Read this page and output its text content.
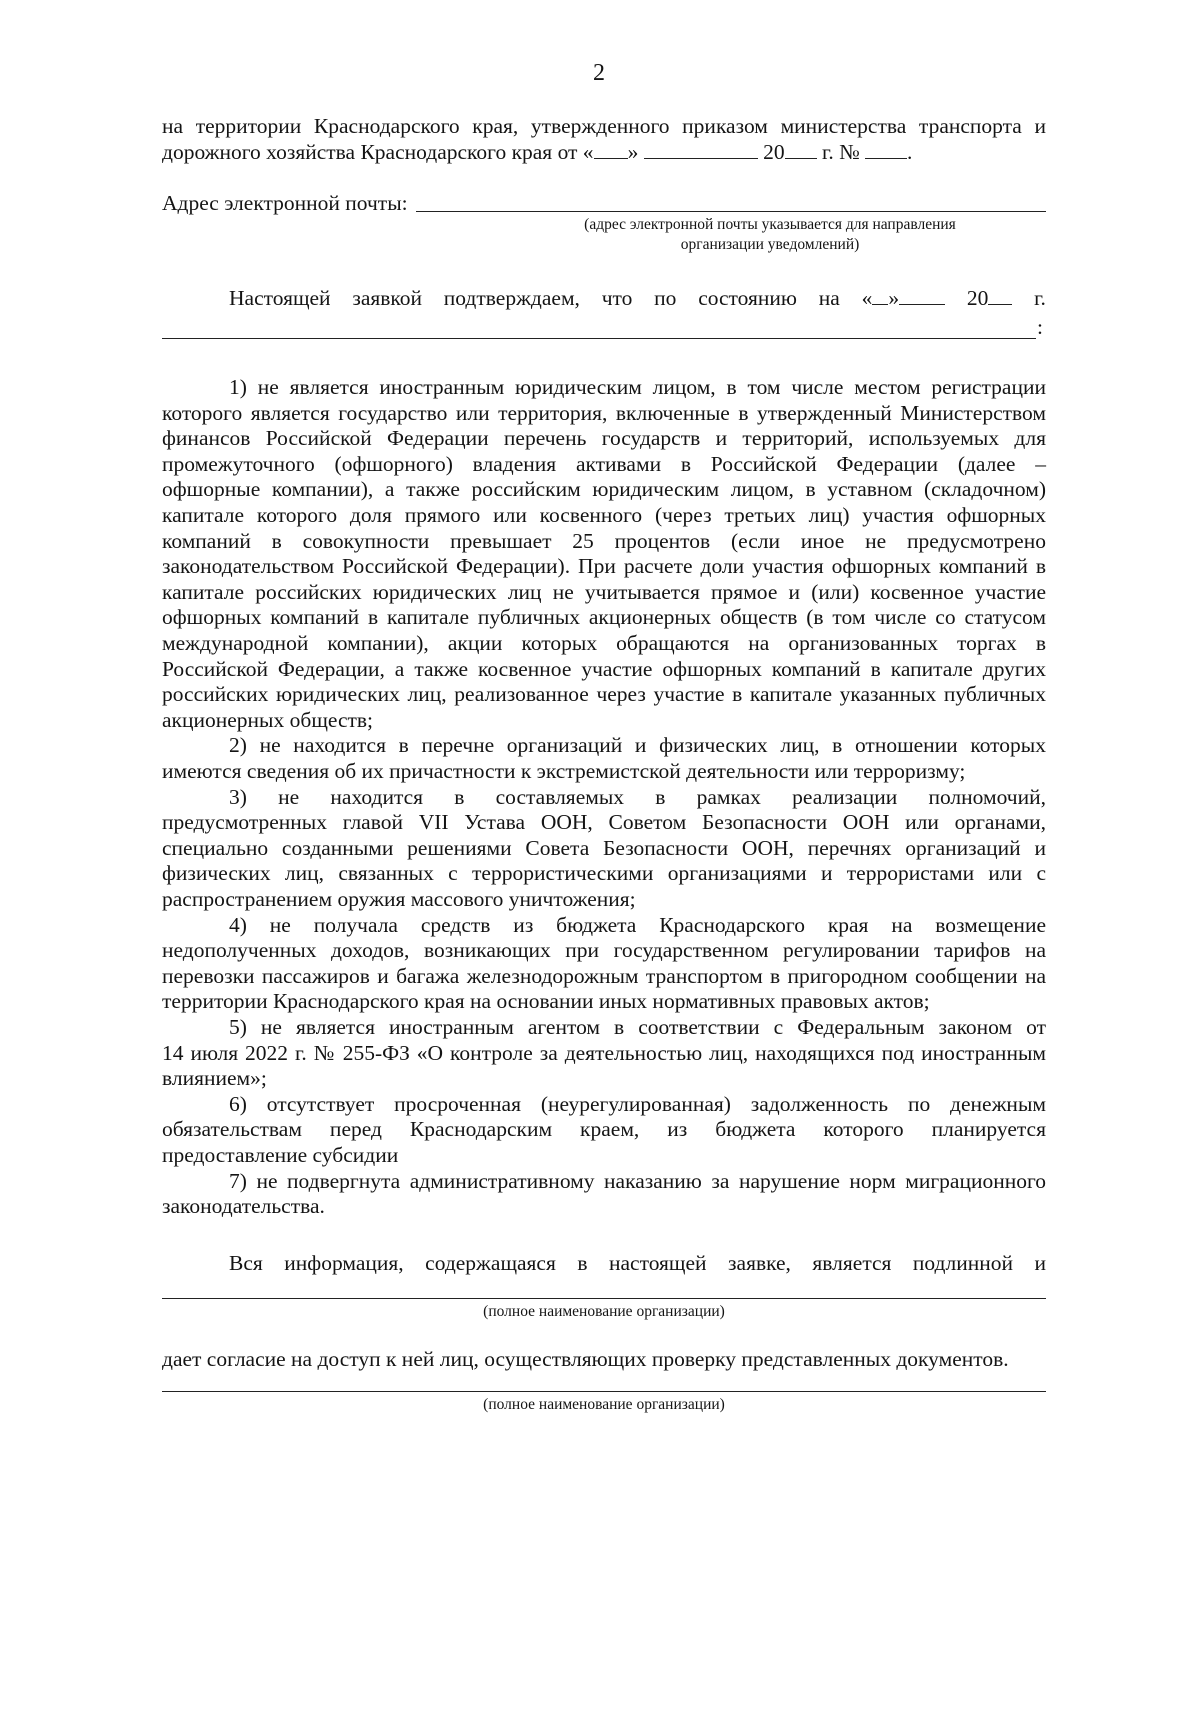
2
на территории Краснодарского края, утвержденного приказом министерства транспорта и
дорожного хозяйства Краснодарского края от « »	20 г. № .
Адрес электронной почты:
(адрес электронной почты указывается для направления
организации уведомлений)
Настоящей заявкой подтверждаем, что по состоянию на « »	20	г.
:
1) не является иностранным юридическим лицом, в том числе местом регистрации
которого является государство или территория, включенные в утвержденный Министерством
финансов Российской Федерации перечень государств и территорий, используемых для
промежуточного (офшорного) владения активами в Российской Федерации (далее –
офшорные компании), а также российским юридическим лицом, в уставном (складочном)
капитале которого доля прямого или косвенного (через третьих лиц) участия офшорных
компаний в совокупности превышает 25 процентов (если иное не предусмотрено
законодательством Российской Федерации). При расчете доли участия офшорных компаний в
капитале российских юридических лиц не учитывается прямое и (или) косвенное участие
офшорных компаний в капитале публичных акционерных обществ (в том числе со статусом
международной компании), акции которых обращаются на организованных торгах в
Российской Федерации, а также косвенное участие офшорных компаний в капитале других
российских юридических лиц, реализованное через участие в капитале указанных публичных
акционерных обществ;
2) не находится в перечне организаций и физических лиц, в отношении которых
имеются сведения об их причастности к экстремистской деятельности или терроризму;
3) не находится в составляемых в рамках реализации полномочий,
предусмотренных главой VII Устава ООН, Советом Безопасности ООН или органами,
специально созданными решениями Совета Безопасности ООН, перечнях организаций и
физических лиц, связанных с террористическими организациями и террористами или с
распространением оружия массового уничтожения;
4) не получала средств из бюджета Краснодарского края на возмещение
недополученных доходов, возникающих при государственном регулировании тарифов на
перевозки пассажиров и багажа железнодорожным транспортом в пригородном сообщении на
территории Краснодарского края на основании иных нормативных правовых актов;
5) не является иностранным агентом в соответствии с Федеральным законом от
14 июля 2022 г. № 255-ФЗ «О контроле за деятельностью лиц, находящихся под иностранным
влиянием»;
6) отсутствует просроченная (неурегулированная) задолженность по денежным
обязательствам перед Краснодарским краем, из бюджета которого планируется
предоставление субсидии
7) не подвергнута административному наказанию за нарушение норм миграционного
законодательства.
Вся информация, содержащаяся в настоящей заявке, является подлинной и
(полное наименование организации)
дает согласие на доступ к ней лиц, осуществляющих проверку представленных документов.
(полное наименование организации)
